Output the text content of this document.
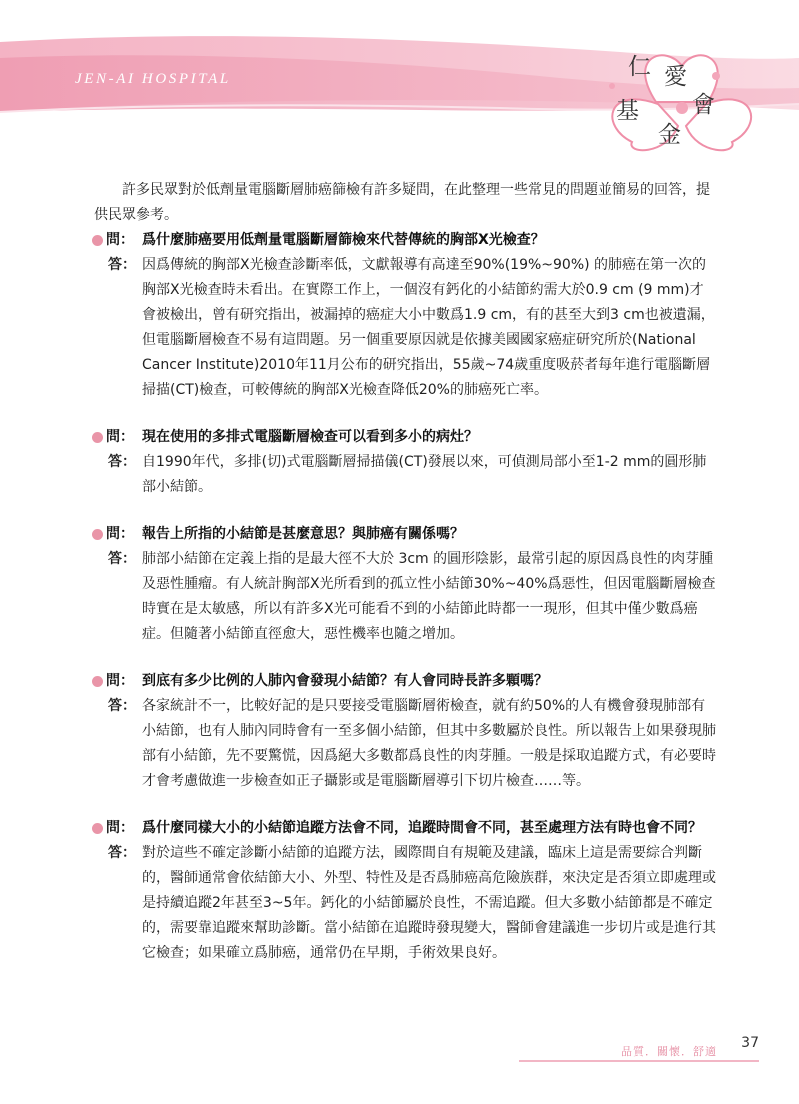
JEN-AI HOSPITAL	仁 愛
基 會
金

許多民眾對於低劑量電腦斷層肺癌篩檢有許多疑問，在此整理一些常見的問題並簡易的回答，提供民眾參考。

問： 爲什麼肺癌要用低劑量電腦斷層篩檢來代替傳統的胸部X光檢查？
答： 因爲傳統的胸部X光檢查診斷率低，文獻報導有高達至90%(19%~90%) 的肺癌在第一次的胸部X光檢查時未看出。在實際工作上，一個沒有鈣化的小結節約需大於0.9 cm (9 mm)才會被檢出，曾有研究指出，被漏掉的癌症大小中數爲1.9 cm，有的甚至大到3 cm也被遺漏，但電腦斷層檢查不易有這問題。另一個重要原因就是依據美國國家癌症研究所於(National Cancer Institute)2010年11月公布的研究指出，55歲~74歲重度吸菸者每年進行電腦斷層掃描(CT)檢查，可較傳統的胸部X光檢查降低20%的肺癌死亡率。
問： 現在使用的多排式電腦斷層檢查可以看到多小的病灶？
答： 自1990年代，多排(切)式電腦斷層掃描儀(CT)發展以來，可偵測局部小至1-2 mm的圓形肺部小結節。
問： 報告上所指的小結節是甚麼意思？與肺癌有關係嗎？
答： 肺部小結節在定義上指的是最大徑不大於 3cm 的圓形陰影，最常引起的原因爲良性的肉芽腫及惡性腫瘤。有人統計胸部X光所看到的孤立性小結節30%~40%爲惡性，但因電腦斷層檢查時實在是太敏感，所以有許多X光可能看不到的小結節此時都一一現形，但其中僅少數爲癌症。但隨著小結節直徑愈大，惡性機率也隨之增加。
問： 到底有多少比例的人肺內會發現小結節？有人會同時長許多顆嗎？
答： 各家統計不一，比較好記的是只要接受電腦斷層術檢查，就有約50%的人有機會發現肺部有小結節，也有人肺內同時會有一至多個小結節，但其中多數屬於良性。所以報告上如果發現肺部有小結節，先不要驚慌，因爲絕大多數都爲良性的肉芽腫。一般是採取追蹤方式，有必要時才會考慮做進一步檢查如正子攝影或是電腦斷層導引下切片檢查……等。
問： 爲什麼同樣大小的小結節追蹤方法會不同，追蹤時間會不同，甚至處理方法有時也會不同？
答： 對於這些不確定診斷小結節的追蹤方法，國際間自有規範及建議，臨床上這是需要綜合判斷的，醫師通常會依結節大小、外型、特性及是否爲肺癌高危險族群，來決定是否須立即處理或是持續追蹤2年甚至3~5年。鈣化的小結節屬於良性，不需追蹤。但大多數小結節都是不確定的，需要靠追蹤來幫助診斷。當小結節在追蹤時發現變大，醫師會建議進一步切片或是進行其它檢查；如果確立爲肺癌，通常仍在早期，手術效果良好。
品質．關懷．舒適
37
